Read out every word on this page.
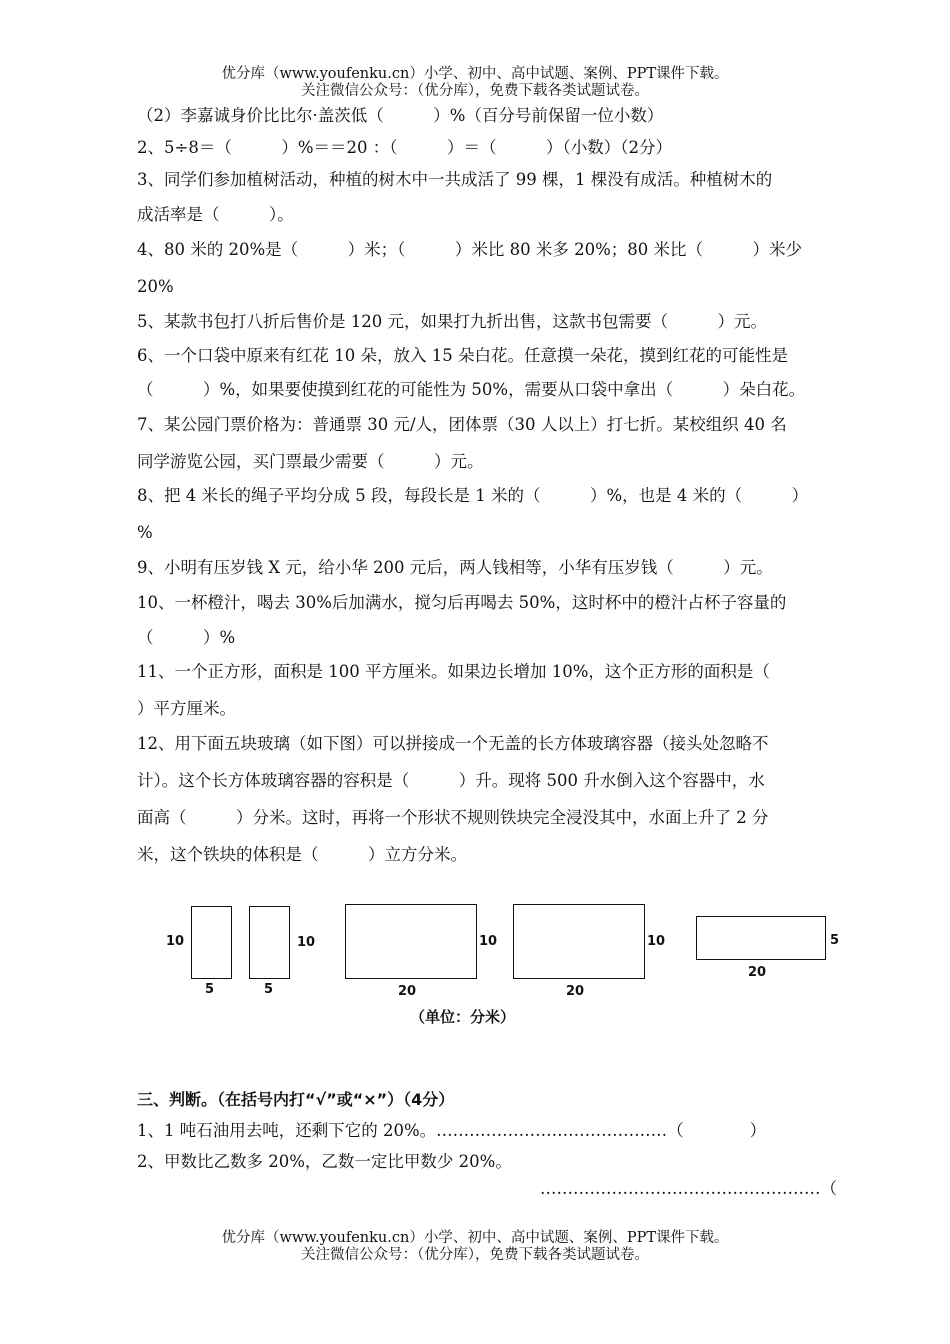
优分库（www.youfenku.cn）小学、初中、高中试题、案例、PPT课件下载。
关注微信公众号：（优分库），免费下载各类试题试卷。
（2）李嘉诚身价比比尔·盖茨低（　　　）%（百分号前保留一位小数）
2、5÷8＝（　　　）%＝＝20 ：（　　　）＝（　　　）（小数）（2分）
3、同学们参加植树活动，种植的树木中一共成活了 99 棵，1 棵没有成活。种植树木的
成活率是（　　　）。
4、80 米的 20%是（　　　）米；（　　　）米比 80 米多 20%；80 米比（　　　）米少
20%
5、某款书包打八折后售价是 120 元，如果打九折出售，这款书包需要（　　　）元。
6、一个口袋中原来有红花 10 朵，放入 15 朵白花。任意摸一朵花，摸到红花的可能性是
（　　　）%，如果要使摸到红花的可能性为 50%，需要从口袋中拿出（　　　）朵白花。
7、某公园门票价格为：普通票 30 元/人，团体票（30 人以上）打七折。某校组织 40 名
同学游览公园，买门票最少需要（　　　）元。
8、把 4 米长的绳子平均分成 5 段，每段长是 1 米的（　　　）%，也是 4 米的（　　　）
%
9、小明有压岁钱 X 元，给小华 200 元后，两人钱相等，小华有压岁钱（　　　）元。
10、一杯橙汁，喝去 30%后加满水，搅匀后再喝去 50%，这时杯中的橙汁占杯子容量的
（　　　）%
11、一个正方形，面积是 100 平方厘米。如果边长增加 10%，这个正方形的面积是（
）平方厘米。
12、用下面五块玻璃（如下图）可以拼接成一个无盖的长方体玻璃容器（接头处忽略不
计）。这个长方体玻璃容器的容积是（　　　）升。现将 500 升水倒入这个容器中，水
面高（　　　）分米。这时，再将一个形状不规则铁块完全浸没其中，水面上升了 2 分
米，这个铁块的体积是（　　　）立方分米。
10
5	5
10	10
20
10
20
5
20
（单位：分米）
三、判断。（在括号内打“√”或“×”）（4分）
1、1 吨石油用去吨，还剩下它的 20%。……………………………………（　　　　）
2、甲数比乙数多 20%，乙数一定比甲数少 20%。
……………………………………………（
优分库（www.youfenku.cn）小学、初中、高中试题、案例、PPT课件下载。
关注微信公众号：（优分库），免费下载各类试题试卷。
